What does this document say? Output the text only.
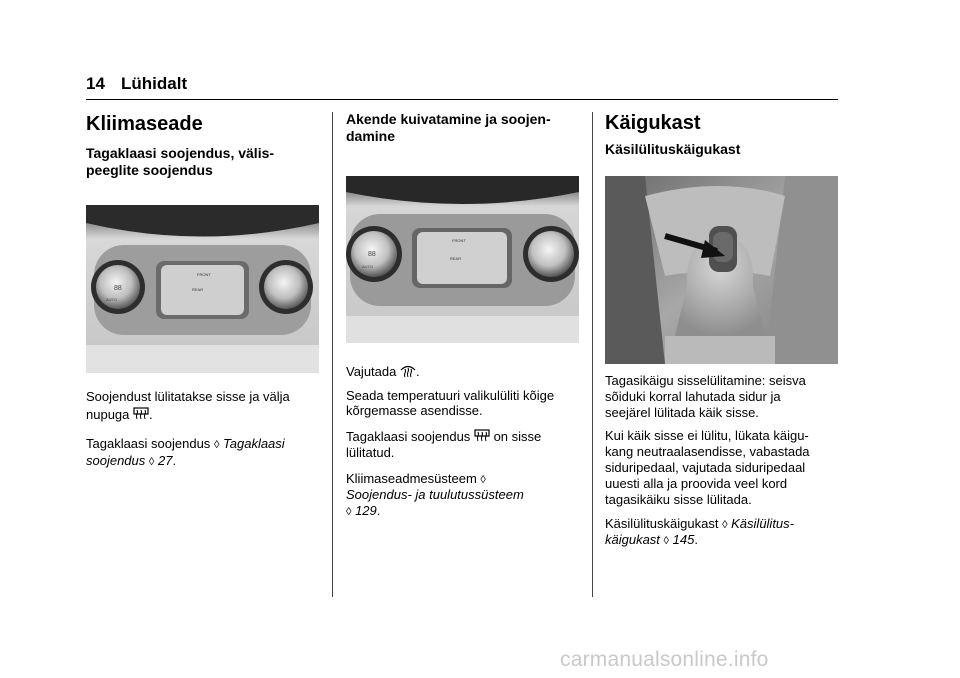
14 Lühidalt
Kliimaseade
Tagaklaasi soojendus, välis-
peeglite soojendus
88
FRONT
REAR
AUTO
Soojendust lülitatakse sisse ja välja
nupuga .
Tagaklaasi soojendus ◊ Tagaklaasi
soojendus ◊ 27.
Akende kuivatamine ja soojen-
damine
88
FRONT
REAR
AUTO
Vajutada .
Seada temperatuuri valikulüliti kõige
kõrgemasse asendisse.
Tagaklaasi soojendus on sisse
lülitatud.
Kliimaseadmesüsteem ◊
Soojendus- ja tuulutussüsteem
◊ 129.
Käigukast
Käsilülituskäigukast
Tagasikäigu sisselülitamine: seisva
sõiduki korral lahutada sidur ja
seejärel lülitada käik sisse.
Kui käik sisse ei lülitu, lükata käigu-
kang neutraalasendisse, vabastada
siduripedaal, vajutada siduripedaal
uuesti alla ja proovida veel kord
tagasikäiku sisse lülitada.
Käsilülituskäigukast ◊ Käsilülitus-
käigukast ◊ 145.
carmanualsonline.info
